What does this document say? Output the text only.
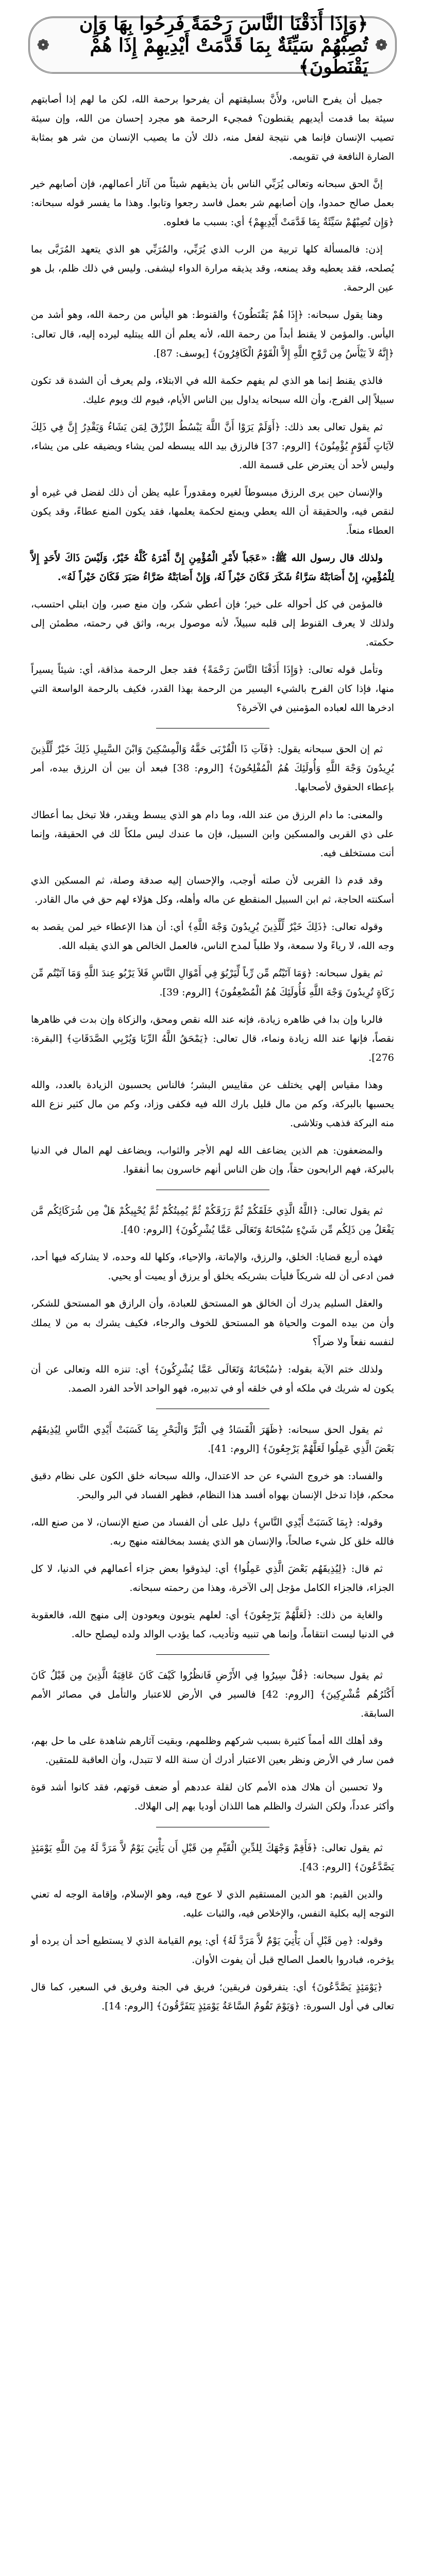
❁
﴿وَإِذَا أَذَقْنَا النَّاسَ رَحْمَةً فَرِحُوا بِهَا وَإِن تُصِبْهُمْ سَيِّئَةٌ بِمَا قَدَّمَتْ أَيْدِيهِمْ إِذَا هُمْ يَقْنَطُونَ﴾
❁

جميل أن يفرح الناس، ولأَنَّ بسليقتهم أن يفرحوا برحمة الله، لكن ما لهم إذا أصابتهم سيئة بما قدمت أيديهم يقنطون؟ فمجيء الرحمة هو مجرد إحسان من الله، وإن سيئة تصيب الإنسان فإنما هي نتيجة لفعل منه، ذلك لأن ما يصيب الإنسان من شر هو بمثابة الضارة النافعة في تقويمه.

إنَّ الحق سبحانه وتعالى يُرَبِّي الناس بأن يذيقهم شيئاً من آثار أعمالهم، فإن أصابهم خير بعمل صالح حمدوا، وإن أصابهم شر بعمل فاسد رجعوا وتابوا. وهذا ما يفسر قوله سبحانه: ﴿وَإِن تُصِبْهُمْ سَيِّئَةٌ بِمَا قَدَّمَتْ أَيْدِيهِمْ﴾ أي: بسبب ما فعلوه.

إذن: فالمسألة كلها تربية من الرب الذي يُرَبِّي، والمُرَبِّي هو الذي يتعهد المُرَبَّى بما يُصلحه، فقد يعطيه وقد يمنعه، وقد يذيقه مرارة الدواء ليشفى. وليس في ذلك ظلم، بل هو عين الرحمة.

وهنا يقول سبحانه: ﴿إِذَا هُمْ يَقْنَطُونَ﴾ والقنوط: هو اليأس من رحمة الله، وهو أشد من اليأس. والمؤمن لا يقنط أبداً من رحمة الله، لأنه يعلم أن الله يبتليه ليرده إليه، قال تعالى: ﴿إِنَّهُ لاَ يَيْأَسُ مِن رَّوْحِ اللَّهِ إِلاَّ الْقَوْمُ الْكَافِرُونَ﴾ [يوسف: 87].

فالذي يقنط إنما هو الذي لم يفهم حكمة الله في الابتلاء، ولم يعرف أن الشدة قد تكون سبيلاً إلى الفرج، وأن الله سبحانه يداول بين الناس الأيام، فيوم لك ويوم عليك.

ثم يقول تعالى بعد ذلك: ﴿أَوَلَمْ يَرَوْا أَنَّ اللَّهَ يَبْسُطُ الرِّزْقَ لِمَن يَشَاءُ وَيَقْدِرُ إِنَّ فِي ذَلِكَ لآيَاتٍ لِّقَوْمٍ يُؤْمِنُونَ﴾ [الروم: 37] فالرزق بيد الله يبسطه لمن يشاء ويضيقه على من يشاء، وليس لأحد أن يعترض على قسمة الله.

والإنسان حين يرى الرزق مبسوطاً لغيره ومقدوراً عليه يظن أن ذلك لفضل في غيره أو لنقص فيه، والحقيقة أن الله يعطي ويمنع لحكمة يعلمها، فقد يكون المنع عطاءً، وقد يكون العطاء منعاً.

ولذلك قال رسول الله ﷺ: «عَجَباً لأَمْرِ الْمُؤْمِنِ إِنَّ أَمْرَهُ كُلَّهُ خَيْرٌ، وَلَيْسَ ذَاكَ لأَحَدٍ إِلاَّ لِلْمُؤْمِنِ، إِنْ أَصَابَتْهُ سَرَّاءُ شَكَرَ فَكَانَ خَيْراً لَهُ، وَإِنْ أَصَابَتْهُ ضَرَّاءُ صَبَرَ فَكَانَ خَيْراً لَهُ».

فالمؤمن في كل أحواله على خير؛ فإن أعطي شكر، وإن منع صبر، وإن ابتلي احتسب، ولذلك لا يعرف القنوط إلى قلبه سبيلاً، لأنه موصول بربه، واثق في رحمته، مطمئن إلى حكمته.

وتأمل قوله تعالى: ﴿وَإِذَا أَذَقْنَا النَّاسَ رَحْمَةً﴾ فقد جعل الرحمة مذاقة، أي: شيئاً يسيراً منها، فإذا كان الفرح بالشيء اليسير من الرحمة بهذا القدر، فكيف بالرحمة الواسعة التي ادخرها الله لعباده المؤمنين في الآخرة؟

ثم إن الحق سبحانه يقول: ﴿فَآتِ ذَا الْقُرْبَى حَقَّهُ وَالْمِسْكِينَ وَابْنَ السَّبِيلِ ذَلِكَ خَيْرٌ لِّلَّذِينَ يُرِيدُونَ وَجْهَ اللَّهِ وَأُولَئِكَ هُمُ الْمُفْلِحُونَ﴾ [الروم: 38] فبعد أن بين أن الرزق بيده، أمر بإعطاء الحقوق لأصحابها.

والمعنى: ما دام الرزق من عند الله، وما دام هو الذي يبسط ويقدر، فلا تبخل بما أعطاك على ذي القربى والمسكين وابن السبيل، فإن ما عندك ليس ملكاً لك في الحقيقة، وإنما أنت مستخلف فيه.

وقد قدم ذا القربى لأن صلته أوجب، والإحسان إليه صدقة وصلة، ثم المسكين الذي أسكنته الحاجة، ثم ابن السبيل المنقطع عن ماله وأهله، وكل هؤلاء لهم حق في مال القادر.

وقوله تعالى: ﴿ذَلِكَ خَيْرٌ لِّلَّذِينَ يُرِيدُونَ وَجْهَ اللَّهِ﴾ أي: أن هذا الإعطاء خير لمن يقصد به وجه الله، لا رياءً ولا سمعة، ولا طلباً لمدح الناس، فالعمل الخالص هو الذي يقبله الله.

ثم يقول سبحانه: ﴿وَمَا آتَيْتُم مِّن رِّباً لِّيَرْبُوَ فِي أَمْوَالِ النَّاسِ فَلاَ يَرْبُو عِندَ اللَّهِ وَمَا آتَيْتُم مِّن زَكَاةٍ تُرِيدُونَ وَجْهَ اللَّهِ فَأُولَئِكَ هُمُ الْمُضْعِفُونَ﴾ [الروم: 39].

فالربا وإن بدا في ظاهره زيادة، فإنه عند الله نقص ومحق، والزكاة وإن بدت في ظاهرها نقصاً، فإنها عند الله زيادة ونماء، قال تعالى: ﴿يَمْحَقُ اللَّهُ الرِّبَا وَيُرْبِي الصَّدَقَاتِ﴾ [البقرة: 276].

وهذا مقياس إلهي يختلف عن مقاييس البشر؛ فالناس يحسبون الزيادة بالعدد، والله يحسبها بالبركة، وكم من مال قليل بارك الله فيه فكفى وزاد، وكم من مال كثير نزع الله منه البركة فذهب وتلاشى.

والمضعفون: هم الذين يضاعف الله لهم الأجر والثواب، ويضاعف لهم المال في الدنيا بالبركة، فهم الرابحون حقاً، وإن ظن الناس أنهم خاسرون بما أنفقوا.

ثم يقول تعالى: ﴿اللَّهُ الَّذِي خَلَقَكُمْ ثُمَّ رَزَقَكُمْ ثُمَّ يُمِيتُكُمْ ثُمَّ يُحْيِيكُمْ هَلْ مِن شُرَكَائِكُم مَّن يَفْعَلُ مِن ذَلِكُم مِّن شَيْءٍ سُبْحَانَهُ وَتَعَالَى عَمَّا يُشْرِكُونَ﴾ [الروم: 40].

فهذه أربع قضايا: الخلق، والرزق، والإماتة، والإحياء، وكلها لله وحده، لا يشاركه فيها أحد، فمن ادعى أن لله شريكاً فليأت بشريكه يخلق أو يرزق أو يميت أو يحيي.

والعقل السليم يدرك أن الخالق هو المستحق للعبادة، وأن الرازق هو المستحق للشكر، وأن من بيده الموت والحياة هو المستحق للخوف والرجاء، فكيف يشرك به من لا يملك لنفسه نفعاً ولا ضراً؟

ولذلك ختم الآية بقوله: ﴿سُبْحَانَهُ وَتَعَالَى عَمَّا يُشْرِكُونَ﴾ أي: تنزه الله وتعالى عن أن يكون له شريك في ملكه أو في خلقه أو في تدبيره، فهو الواحد الأحد الفرد الصمد.

ثم يقول الحق سبحانه: ﴿ظَهَرَ الْفَسَادُ فِي الْبَرِّ وَالْبَحْرِ بِمَا كَسَبَتْ أَيْدِي النَّاسِ لِيُذِيقَهُم بَعْضَ الَّذِي عَمِلُوا لَعَلَّهُمْ يَرْجِعُونَ﴾ [الروم: 41].

والفساد: هو خروج الشيء عن حد الاعتدال، والله سبحانه خلق الكون على نظام دقيق محكم، فإذا تدخل الإنسان بهواه أفسد هذا النظام، فظهر الفساد في البر والبحر.

وقوله: ﴿بِمَا كَسَبَتْ أَيْدِي النَّاسِ﴾ دليل على أن الفساد من صنع الإنسان، لا من صنع الله، فالله خلق كل شيء صالحاً، والإنسان هو الذي يفسد بمخالفته منهج ربه.

ثم قال: ﴿لِيُذِيقَهُم بَعْضَ الَّذِي عَمِلُوا﴾ أي: ليذوقوا بعض جزاء أعمالهم في الدنيا، لا كل الجزاء، فالجزاء الكامل مؤجل إلى الآخرة، وهذا من رحمته سبحانه.

والغاية من ذلك: ﴿لَعَلَّهُمْ يَرْجِعُونَ﴾ أي: لعلهم يتوبون ويعودون إلى منهج الله، فالعقوبة في الدنيا ليست انتقاماً، وإنما هي تنبيه وتأديب، كما يؤدب الوالد ولده ليصلح حاله.

ثم يقول سبحانه: ﴿قُلْ سِيرُوا فِي الأَرْضِ فَانظُرُوا كَيْفَ كَانَ عَاقِبَةُ الَّذِينَ مِن قَبْلُ كَانَ أَكْثَرُهُم مُّشْرِكِينَ﴾ [الروم: 42] فالسير في الأرض للاعتبار والتأمل في مصائر الأمم السابقة.

وقد أهلك الله أمماً كثيرة بسبب شركهم وظلمهم، وبقيت آثارهم شاهدة على ما حل بهم، فمن سار في الأرض ونظر بعين الاعتبار أدرك أن سنة الله لا تتبدل، وأن العاقبة للمتقين.

ولا تحسبن أن هلاك هذه الأمم كان لقلة عددهم أو ضعف قوتهم، فقد كانوا أشد قوة وأكثر عدداً، ولكن الشرك والظلم هما اللذان أوديا بهم إلى الهلاك.

ثم يقول تعالى: ﴿فَأَقِمْ وَجْهَكَ لِلدِّينِ الْقَيِّمِ مِن قَبْلِ أَن يَأْتِيَ يَوْمٌ لاَّ مَرَدَّ لَهُ مِنَ اللَّهِ يَوْمَئِذٍ يَصَّدَّعُونَ﴾ [الروم: 43].

والدين القيم: هو الدين المستقيم الذي لا عوج فيه، وهو الإسلام، وإقامة الوجه له تعني التوجه إليه بكلية النفس، والإخلاص فيه، والثبات عليه.

وقوله: ﴿مِن قَبْلِ أَن يَأْتِيَ يَوْمٌ لاَّ مَرَدَّ لَهُ﴾ أي: يوم القيامة الذي لا يستطيع أحد أن يرده أو يؤخره، فبادروا بالعمل الصالح قبل أن يفوت الأوان.

﴿يَوْمَئِذٍ يَصَّدَّعُونَ﴾ أي: يتفرقون فريقين؛ فريق في الجنة وفريق في السعير، كما قال تعالى في أول السورة: ﴿وَيَوْمَ تَقُومُ السَّاعَةُ يَوْمَئِذٍ يَتَفَرَّقُونَ﴾ [الروم: 14].
